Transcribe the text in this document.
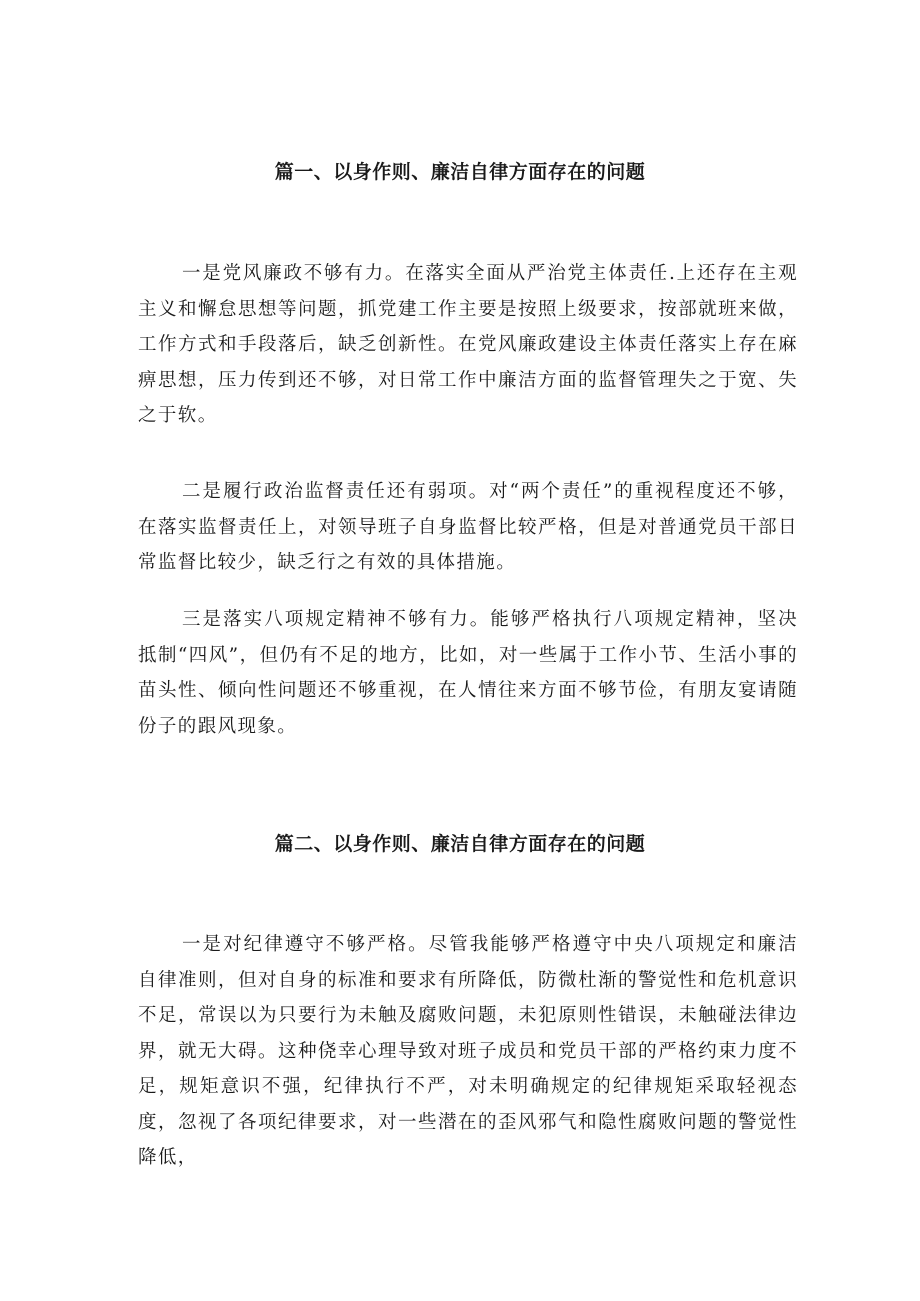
篇一、以身作则、廉洁自律方面存在的问题

一是党风廉政不够有力。在落实全面从严治党主体责任.上还存在主观主义和懈怠思想等问题，抓党建工作主要是按照上级要求，按部就班来做，工作方式和手段落后，缺乏创新性。在党风廉政建设主体责任落实上存在麻痹思想，压力传到还不够，对日常工作中廉洁方面的监督管理失之于宽、失之于软。

二是履行政治监督责任还有弱项。对“两个责任”的重视程度还不够，在落实监督责任上，对领导班子自身监督比较严格，但是对普通党员干部日常监督比较少，缺乏行之有效的具体措施。

三是落实八项规定精神不够有力。能够严格执行八项规定精神，坚决抵制“四风”，但仍有不足的地方，比如，对一些属于工作小节、生活小事的苗头性、倾向性问题还不够重视，在人情往来方面不够节俭，有朋友宴请随份子的跟风现象。

篇二、以身作则、廉洁自律方面存在的问题

一是对纪律遵守不够严格。尽管我能够严格遵守中央八项规定和廉洁自律准则，但对自身的标准和要求有所降低，防微杜渐的警觉性和危机意识不足，常误以为只要行为未触及腐败问题，未犯原则性错误，未触碰法律边界，就无大碍。这种侥幸心理导致对班子成员和党员干部的严格约束力度不足，规矩意识不强，纪律执行不严，对未明确规定的纪律规矩采取轻视态度，忽视了各项纪律要求，对一些潜在的歪风邪气和隐性腐败问题的警觉性降低，
